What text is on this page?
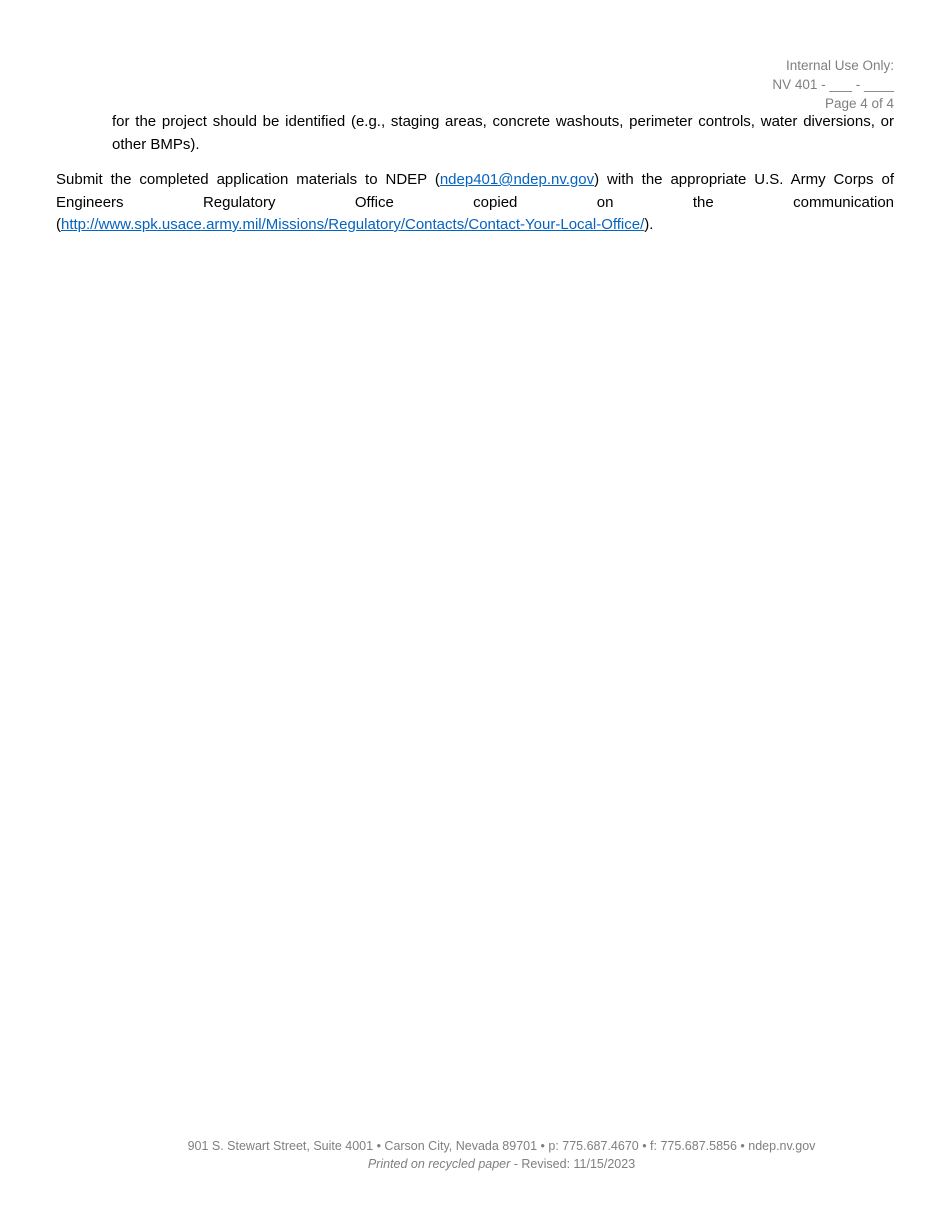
Internal Use Only:
NV 401 - ___ - ____
Page 4 of 4
for the project should be identified (e.g., staging areas, concrete washouts, perimeter controls, water diversions, or other BMPs).
Submit the completed application materials to NDEP (ndep401@ndep.nv.gov) with the appropriate U.S. Army Corps of
Engineers Regulatory Office copied on the communication
(http://www.spk.usace.army.mil/Missions/Regulatory/Contacts/Contact-Your-Local-Office/).
901 S. Stewart Street, Suite 4001 • Carson City, Nevada 89701 • p: 775.687.4670 • f: 775.687.5856 • ndep.nv.gov
Printed on recycled paper - Revised: 11/15/2023
